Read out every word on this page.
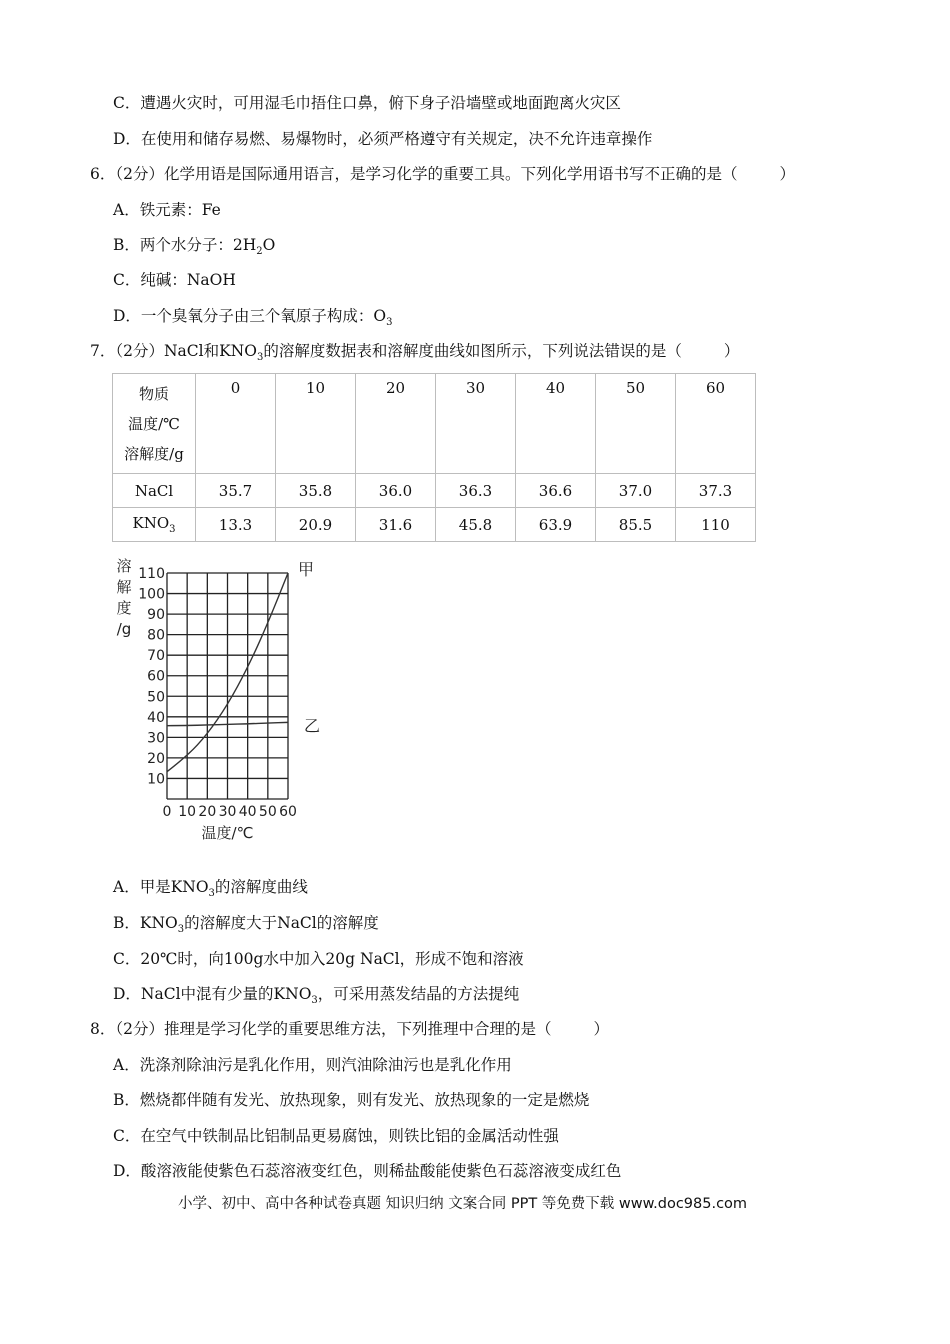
C．遭遇火灾时，可用湿毛巾捂住口鼻，俯下身子沿墙壁或地面跑离火灾区
D．在使用和储存易燃、易爆物时，必须严格遵守有关规定，决不允许违章操作
6．（2分）化学用语是国际通用语言，是学习化学的重要工具。下列化学用语书写不正确的是（	）
A．铁元素：Fe
B．两个水分子：$2H_2O$
C．纯碱：NaOH
D．一个臭氧分子由三个氧原子构成：$O_3$
7．（2分）NaCl和$KNO_3$的溶解度数据表和溶解度曲线如图所示，下列说法错误的是（	）
物质
温度/℃
溶解度/g	0	10	20	30	40	50	60
NaCl	35.7	35.8	36.0	36.3	36.6	37.0	37.3
$KNO_3$	13.3	20.9	31.6	45.8	63.9	85.5	110
10
20
30
40
50
60
70
80
90
100
110
0 10 20 30 40 50 60
溶
解
度
/g
温度/℃
甲
乙
A．甲是$KNO_3$的溶解度曲线
B．$KNO_3$的溶解度大于NaCl的溶解度
C．20℃时，向100g水中加入20g NaCl，形成不饱和溶液
D．NaCl中混有少量的$KNO_3$，可采用蒸发结晶的方法提纯
8．（2分）推理是学习化学的重要思维方法，下列推理中合理的是（	）
A．洗涤剂除油污是乳化作用，则汽油除油污也是乳化作用
B．燃烧都伴随有发光、放热现象，则有发光、放热现象的一定是燃烧
C．在空气中铁制品比铝制品更易腐蚀，则铁比铝的金属活动性强
D．酸溶液能使紫色石蕊溶液变红色，则稀盐酸能使紫色石蕊溶液变成红色
小学、初中、高中各种试卷真题 知识归纳 文案合同 PPT 等免费下载 www.doc985.com
